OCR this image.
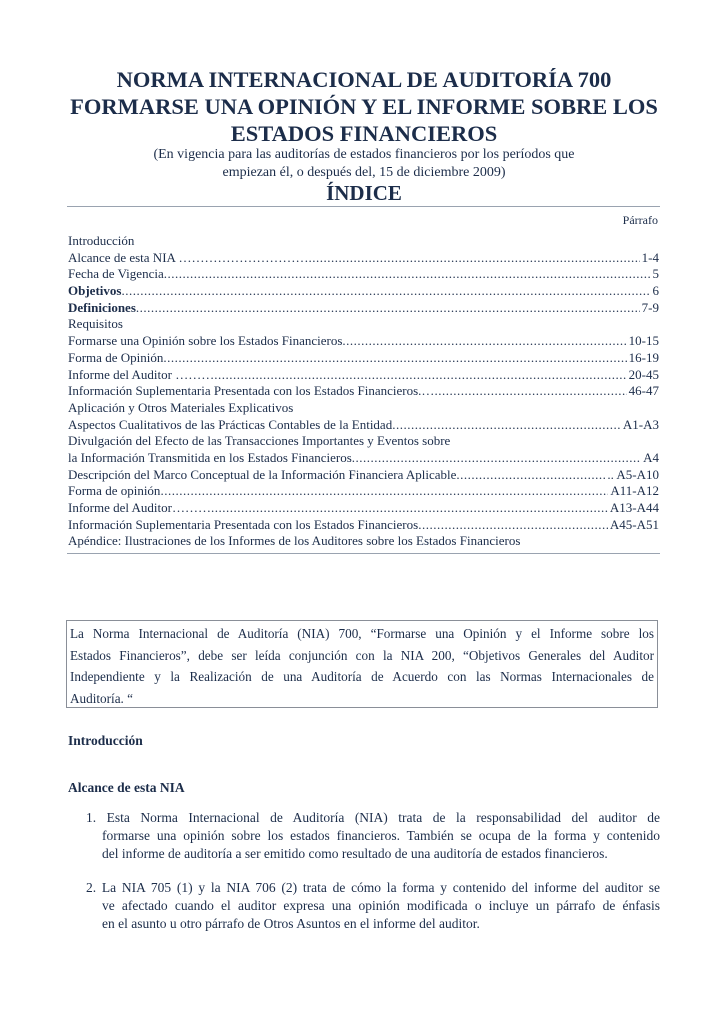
NORMA INTERNACIONAL DE AUDITORÍA 700
FORMARSE UNA OPINIÓN Y EL INFORME SOBRE LOS
ESTADOS FINANCIEROS
(En vigencia para las auditorías de estados financieros por los períodos que
empiezan él, o después del, 15 de diciembre 2009)
ÍNDICE
Párrafo
Introducción
Alcance de esta NIA ………………………… .....	1-4
Fecha de Vigencia .....	5
Objetivos .....	6
Definiciones .....	7-9
Requisitos
Formarse una Opinión sobre los Estados Financieros .....	10-15
Forma de Opinión .....	16-19
Informe del Auditor ……… .....	20-45
Información Suplementaria Presentada con los Estados Financieros.… .....	46-47
Aplicación y Otros Materiales Explicativos
Aspectos Cualitativos de las Prácticas Contables de la Entidad .....	A1-A3
Divulgación del Efecto de las Transacciones Importantes y Eventos sobre
la Información Transmitida en los Estados Financieros .....	A4
Descripción del Marco Conceptual de la Información Financiera Aplicable .....	.. A5-A10
Forma de opinión .....	A11-A12
Informe del Auditor……… .....	A13-A44
Información Suplementaria Presentada con los Estados Financieros .....	A45-A51
Apéndice: Ilustraciones de los Informes de los Auditores sobre los Estados Financieros
La Norma Internacional de Auditoría (NIA) 700, “Formarse una Opinión y el Informe sobre los
Estados Financieros”, debe ser leída conjunción con la NIA 200, “Objetivos Generales del Auditor
Independiente y la Realización de una Auditoría de Acuerdo con las Normas Internacionales de
Auditoría. “
Introducción
Alcance de esta NIA
1. Esta Norma Internacional de Auditoría (NIA) trata de la responsabilidad del auditor de
formarse una opinión sobre los estados financieros. También se ocupa de la forma y contenido
del informe de auditoría a ser emitido como resultado de una auditoría de estados financieros.
2. La NIA 705 (1) y la NIA 706 (2) trata de cómo la forma y contenido del informe del auditor se
ve afectado cuando el auditor expresa una opinión modificada o incluye un párrafo de énfasis
en el asunto u otro párrafo de Otros Asuntos en el informe del auditor.
